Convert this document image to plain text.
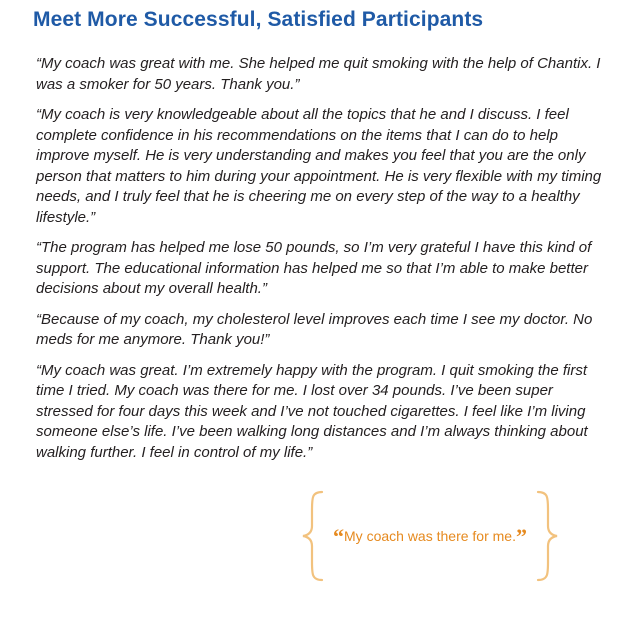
Meet More Successful, Satisfied Participants

“My coach was great with me. She helped me quit smoking with the help of Chantix. I was a smoker for 50 years. Thank you.”

“My coach is very knowledgeable about all the topics that he and I discuss. I feel complete confidence in his recommendations on the items that I can do to help improve myself. He is very understanding and makes you feel that you are the only person that matters to him during your appointment. He is very flexible with my timing needs, and I truly feel that he is cheering me on every step of the way to a healthy lifestyle.”

“The program has helped me lose 50 pounds, so I’m very grateful I have this kind of support. The educational information has helped me so that I’m able to make better decisions about my overall health.”

“Because of my coach, my cholesterol level improves each time I see my doctor. No meds for me anymore. Thank you!”

“My coach was great. I’m extremely happy with the program. I quit smoking the first time I tried. My coach was there for me. I lost over 34 pounds. I’ve been super stressed for four days this week and I’ve not touched cigarettes. I feel like I’m living someone else’s life. I’ve been walking long distances and I’m always thinking about walking further. I feel in control of my life.”

“My coach was there for me.”
